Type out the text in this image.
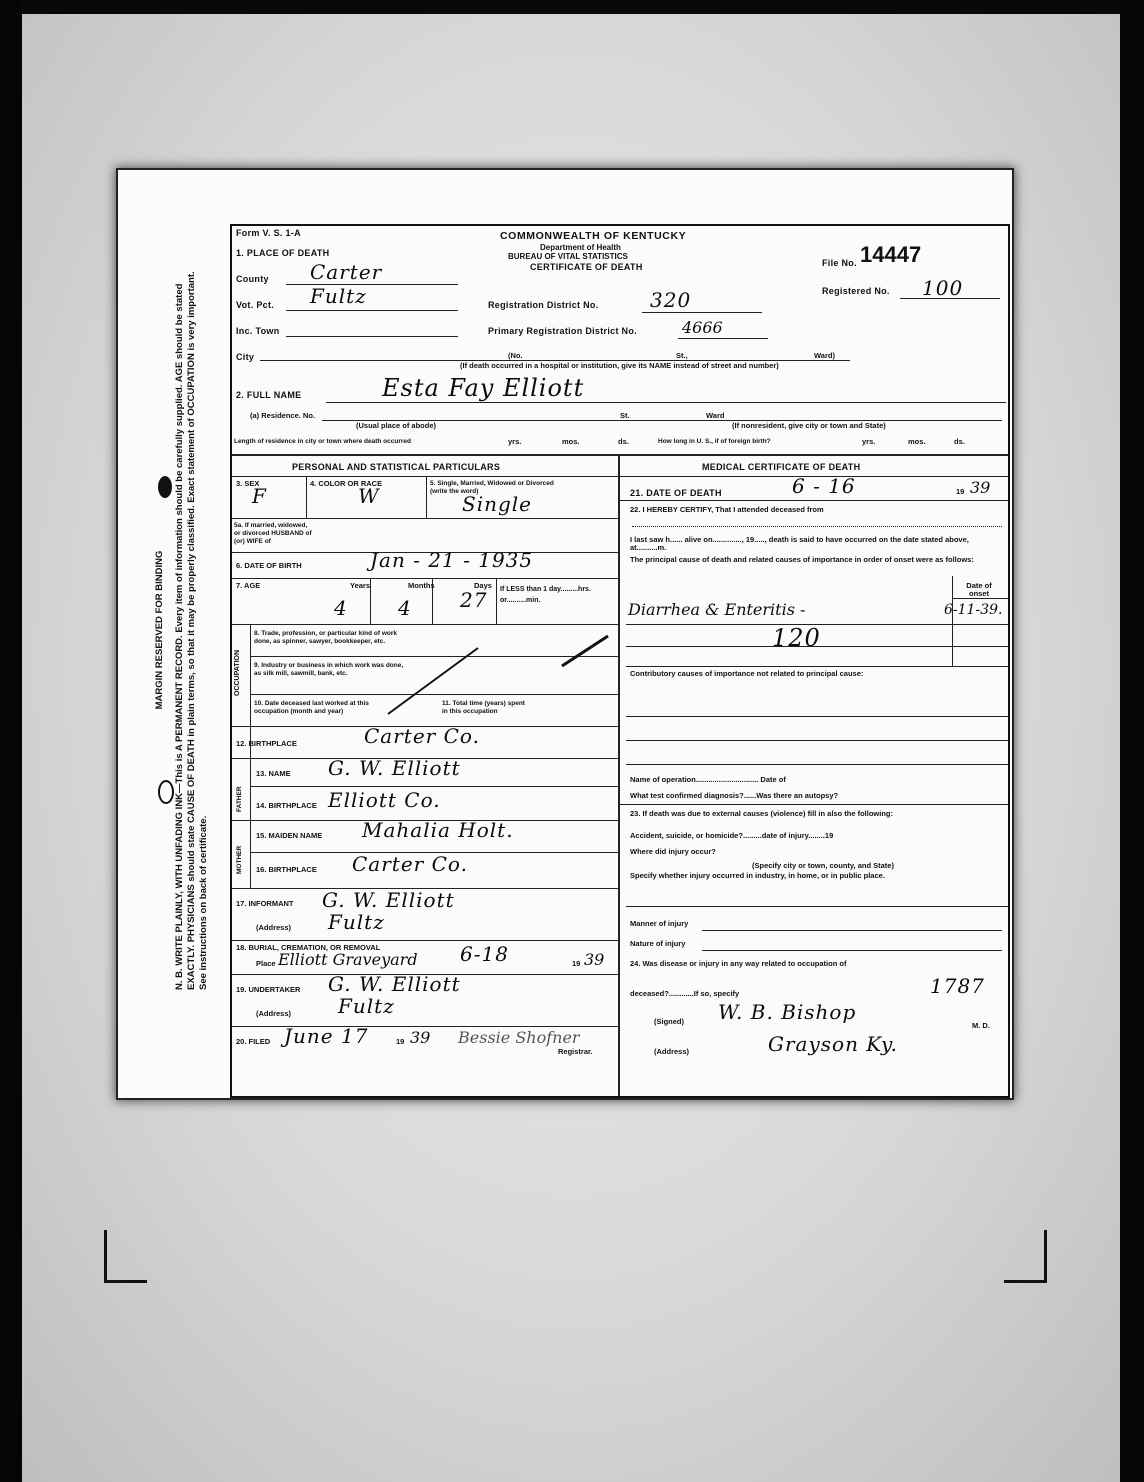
MARGIN RESERVED FOR BINDING N. B. WRITE PLAINLY, WITH UNFADING INK—This is A PERMANENT RECORD. Every item of information should be carefully supplied. AGE should be stated EXACTLY. PHYSICIANS should state CAUSE OF DEATH in plain terms, so that it may be properly classified. Exact statement of OCCUPATION is very important. See instructions on back of certificate.
Form V. S. 1-A	COMMONWEALTH OF KENTUCKY
Department of Health
BUREAU OF VITAL STATISTICS
CERTIFICATE OF DEATH	File No. 14447
Registered No. 100
1. PLACE OF DEATH
County Carter
Vot. Pct. Fultz
Inc. Town
City
Registration District No.	320
Primary Registration District No.	4666
(No.	St.,	Ward)
(If death occurred in a hospital or institution, give its NAME instead of street and number)
2. FULL NAME	Esta Fay Elliott
(a) Residence. No.	St.	Ward
(Usual place of abode)	(If nonresident, give city or town and State)
Length of residence in city or town where death occurred	yrs.	mos.	ds.	How long in U. S., if of foreign birth?	yrs.	mos.	ds.
PERSONAL AND STATISTICAL PARTICULARS
3. SEX
F
4. COLOR OR RACE
W
5. Single, Married, Widowed or Divorced (write the word)
Single
5a. If married, widowed, or divorced HUSBAND of (or) WIFE of
6. DATE OF BIRTH	Jan - 21 - 1935
7. AGE	Years	Months	Days
4	4 27 If LESS than 1 day.........hrs. or..........min.
OCCUPATION
8. Trade, profession, or particular kind of work done, as spinner, sawyer, bookkeeper, etc.
9. Industry or business in which work was done, as silk mill, sawmill, bank, etc.
10. Date deceased last worked at this occupation (month and year)
11. Total time (years) spent in this occupation
12. BIRTHPLACE	Carter Co.
FATHER
MOTHER
13. NAME G. W. Elliott
14. BIRTHPLACE Elliott Co.
15. MAIDEN NAME Mahalia Holt.
16. BIRTHPLACE Carter Co.
17. INFORMANT G. W. Elliott
(Address) Fultz
18. BURIAL, CREMATION, OR REMOVAL
Place Elliott Graveyard 6-18	19 39
19. UNDERTAKER G. W. Elliott
(Address) Fultz
20. FILED June 17	19 39 Bessie Shofner
Registrar.
MEDICAL CERTIFICATE OF DEATH
21. DATE OF DEATH	6 - 16	19 39
22. I HEREBY CERTIFY, That I attended deceased from
I last saw h...... alive on.............., 19....., death is said to have occurred on the date stated above, at..........m.
The principal cause of death and related causes of importance in order of onset were as follows:
Date of onset
Diarrhea & Enteritis -	6-11-39.
120
Contributory causes of importance not related to principal cause:
Name of operation.............................. Date of
What test confirmed diagnosis?......Was there an autopsy?
23. If death was due to external causes (violence) fill in also the following:
Accident, suicide, or homicide?.........date of injury........19
Where did injury occur?
(Specify city or town, county, and State)
Specify whether injury occurred in industry, in home, or in public place.
Manner of injury
Nature of injury
24. Was disease or injury in any way related to occupation of
deceased?............If so, specify	1787
(Signed) W. B. Bishop
M. D.
(Address)	Grayson Ky.
